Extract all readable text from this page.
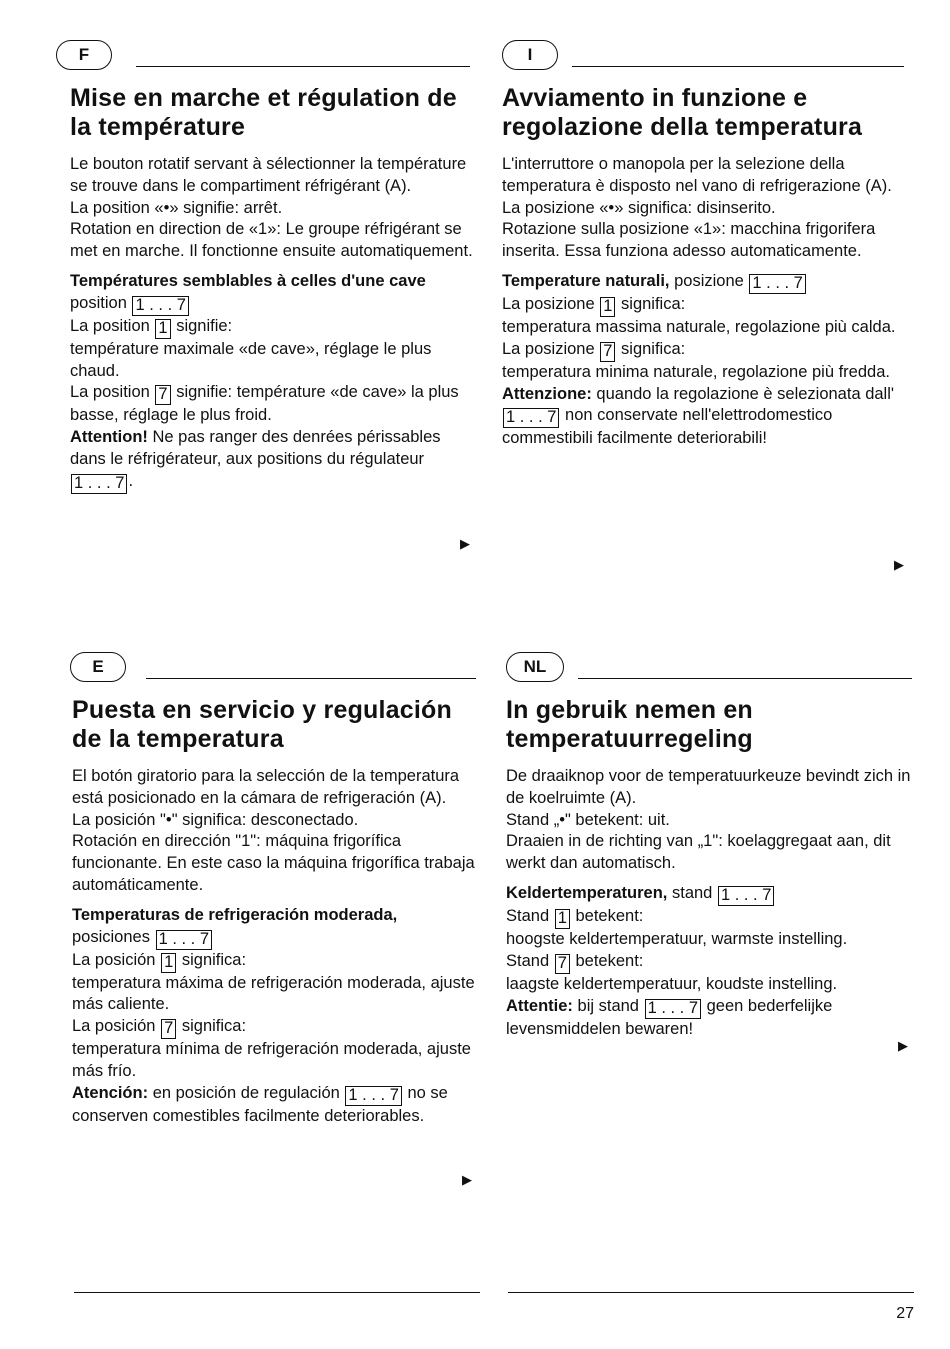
F
Mise en marche et régulation de la température

Le bouton rotatif servant à sélectionner la température se trouve dans le compartiment réfrigérant (A).

La position «•» signifie: arrêt.

Rotation en direction de «1»: Le groupe réfrigérant se met en marche. Il fonctionne ensuite automatiquement.

Températures semblables à celles d'une cave

position 1 . . . 7

La position 1 signifie:

température maximale «de cave», réglage le plus chaud.

La position 7 signifie: température «de cave» la plus basse, réglage le plus froid.

Attention! Ne pas ranger des denrées périssables dans le réfrigérateur, aux positions du régulateur 1 . . . 7 .

▶
I
Avviamento in funzione e regolazione della temperatura

L'interruttore o manopola per la selezione della temperatura è disposto nel vano di refrigerazione (A).

La posizione «•» significa: disinserito.

Rotazione sulla posizione «1»: macchina frigorifera inserita. Essa funziona adesso automaticamente.

Temperature naturali, posizione 1 . . . 7

La posizione 1 significa:

temperatura massima naturale, regolazione più calda.

La posizione 7 significa:

temperatura minima naturale, regolazione più fredda.

Attenzione: quando la regolazione è selezionata dall' 1 . . . 7 non conservate nell'elettrodomestico commestibili facilmente deteriorabili!

▶
E
Puesta en servicio y regulación de la temperatura

El botón giratorio para la selección de la temperatura está posicionado en la cámara de refrigeración (A).

La posición "•" significa: desconectado.

Rotación en dirección "1": máquina frigorífica funcionante. En este caso la máquina frigorífica trabaja automáticamente.

Temperaturas de refrigeración moderada,

posiciones 1 . . . 7

La posición 1 significa:

temperatura máxima de refrigeración moderada, ajuste más caliente.

La posición 7 significa:

temperatura mínima de refrigeración moderada, ajuste más frío.

Atención: en posición de regulación 1 . . . 7 no se conserven comestibles facilmente deteriorables.

▶
NL
In gebruik nemen en temperatuurregeling

De draaiknop voor de temperatuurkeuze bevindt zich in de koelruimte (A).

Stand „•" betekent: uit.

Draaien in de richting van „1": koelaggregaat aan, dit werkt dan automatisch.

Keldertemperaturen, stand 1 . . . 7

Stand 1 betekent:

hoogste keldertemperatuur, warmste instelling.

Stand 7 betekent:

laagste keldertemperatuur, koudste instelling.

Attentie: bij stand 1 . . . 7 geen bederfelijke levensmiddelen bewaren!

▶
27
